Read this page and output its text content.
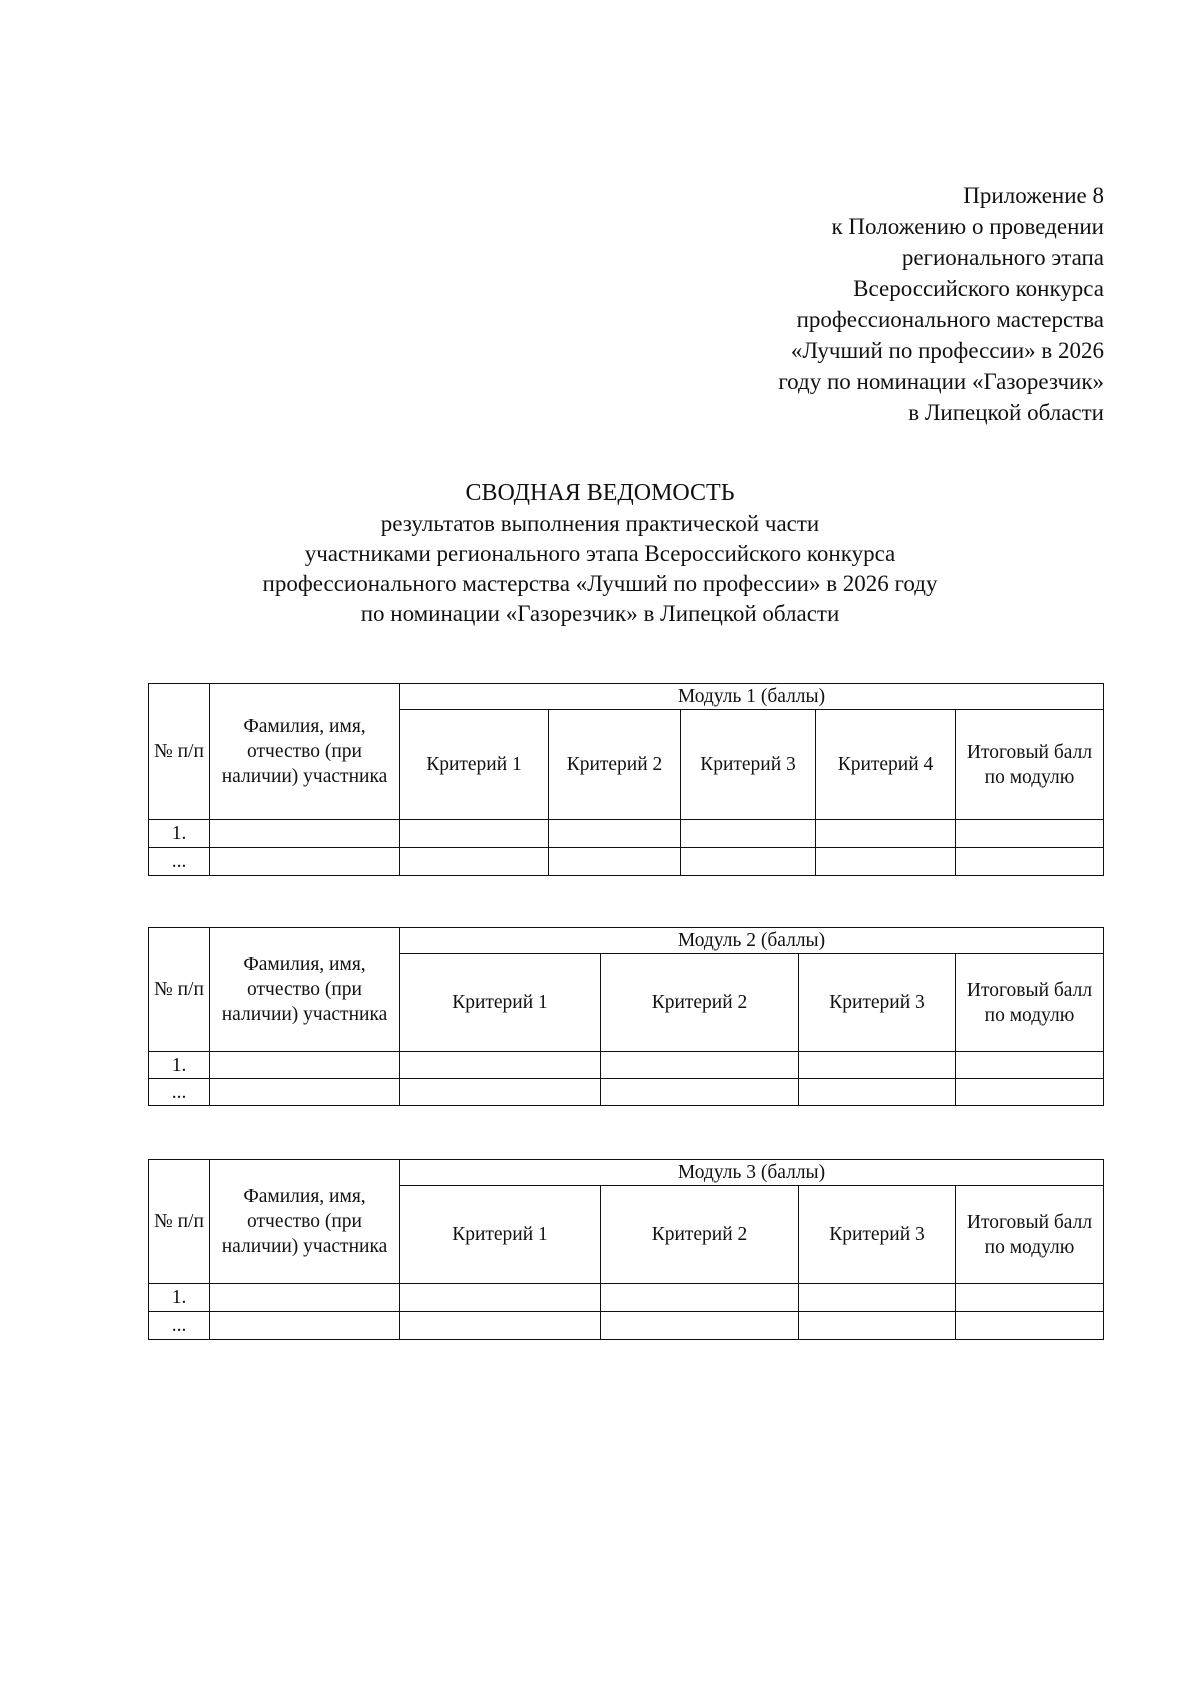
Приложение 8
к Положению о проведении
регионального этапа
Всероссийского конкурса
профессионального мастерства
«Лучший по профессии» в 2026
году по номинации «Газорезчик»
в Липецкой области
СВОДНАЯ ВЕДОМОСТЬ
результатов выполнения практической части
участниками регионального этапа Всероссийского конкурса
профессионального мастерства «Лучший по профессии» в 2026 году
по номинации «Газорезчик» в Липецкой области
№ п/п	Фамилия, имя, отчество (при наличии) участника	Модуль 1 (баллы)				
		Критерий 1	Критерий 2	Критерий 3	Критерий 4	Итоговый балл по модулю
1.						
...						
№ п/п	Фамилия, имя, отчество (при наличии) участника	Модуль 2 (баллы)			
		Критерий 1	Критерий 2	Критерий 3	Итоговый балл по модулю
1.					
...					
№ п/п	Фамилия, имя, отчество (при наличии) участника	Модуль 3 (баллы)			
		Критерий 1	Критерий 2	Критерий 3	Итоговый балл по модулю
1.					
...					
